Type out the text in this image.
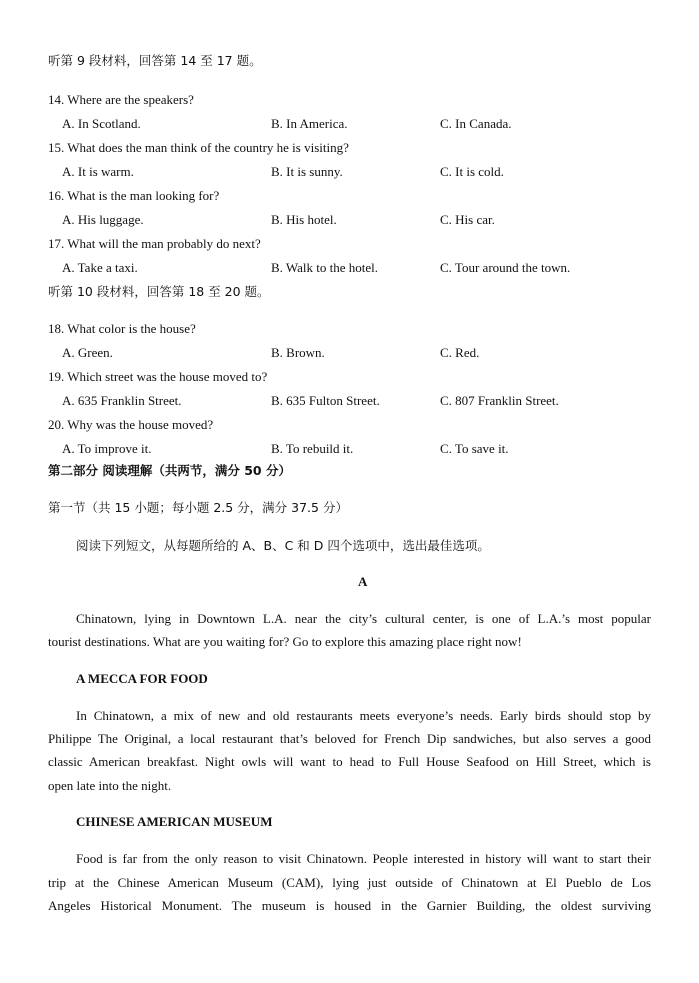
听第 9 段材料，回答第 14 至 17 题。
14. Where are the speakers?
A. In Scotland.	B. In America.	C. In Canada.
15. What does the man think of the country he is visiting?
A. It is warm.	B. It is sunny.	C. It is cold.
16. What is the man looking for?
A. His luggage.	B. His hotel.	C. His car.
17. What will the man probably do next?
A. Take a taxi.	B. Walk to the hotel.	C. Tour around the town.
听第 10 段材料，回答第 18 至 20 题。
18. What color is the house?
A. Green.	B. Brown.	C. Red.
19. Which street was the house moved to?
A. 635 Franklin Street.	B. 635 Fulton Street.	C. 807 Franklin Street.
20. Why was the house moved?
A. To improve it.	B. To rebuild it.	C. To save it.
第二部分 阅读理解（共两节，满分 50 分）
第一节（共 15 小题；每小题 2.5 分，满分 37.5 分）
阅读下列短文，从每题所给的 A、B、C 和 D 四个选项中，选出最佳选项。
A
Chinatown, lying in Downtown L.A. near the city’s cultural center, is one of L.A.’s most popular
tourist destinations. What are you waiting for? Go to explore this amazing place right now!
A MECCA FOR FOOD
In Chinatown, a mix of new and old restaurants meets everyone’s needs. Early birds should stop by
Philippe The Original, a local restaurant that’s beloved for French Dip sandwiches, but also serves a good
classic American breakfast. Night owls will want to head to Full House Seafood on Hill Street, which is
open late into the night.
CHINESE AMERICAN MUSEUM
Food is far from the only reason to visit Chinatown. People interested in history will want to start their
trip at the Chinese American Museum (CAM), lying just outside of Chinatown at El Pueblo de Los
Angeles Historical Monument. The museum is housed in the Garnier Building, the oldest surviving
